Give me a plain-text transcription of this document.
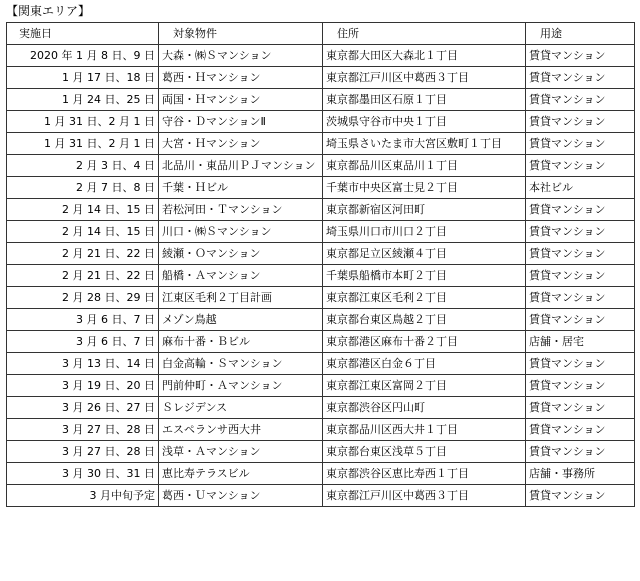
【関東エリア】
実施日	対象物件	住所	用途
2020 年 1 月 8 日、9 日	大森・㈱Ｓマンション	東京都大田区大森北１丁目	賃貸マンション
1 月 17 日、18 日	葛西・Ｈマンション	東京都江戸川区中葛西３丁目	賃貸マンション
1 月 24 日、25 日	両国・Ｈマンション	東京都墨田区石原１丁目	賃貸マンション
1 月 31 日、2 月 1 日	守谷・ＤマンションⅡ	茨城県守谷市中央１丁目	賃貸マンション
1 月 31 日、2 月 1 日	大宮・Ｈマンション	埼玉県さいたま市大宮区敷町１丁目	賃貸マンション
2 月 3 日、4 日	北品川・東品川ＰＪマンション	東京都品川区東品川１丁目	賃貸マンション
2 月 7 日、8 日	千葉・Ｈビル	千葉市中央区富士見２丁目	本社ビル
2 月 14 日、15 日	若松河田・Ｔマンション	東京都新宿区河田町	賃貸マンション
2 月 14 日、15 日	川口・㈱Ｓマンション	埼玉県川口市川口２丁目	賃貸マンション
2 月 21 日、22 日	綾瀬・Ｏマンション	東京都足立区綾瀬４丁目	賃貸マンション
2 月 21 日、22 日	船橋・Ａマンション	千葉県船橋市本町２丁目	賃貸マンション
2 月 28 日、29 日	江東区毛利２丁目計画	東京都江東区毛利２丁目	賃貸マンション
3 月 6 日、7 日	メゾン鳥越	東京都台東区鳥越２丁目	賃貸マンション
3 月 6 日、7 日	麻布十番・Ｂビル	東京都港区麻布十番２丁目	店舗・居宅
3 月 13 日、14 日	白金高輪・Ｓマンション	東京都港区白金６丁目	賃貸マンション
3 月 19 日、20 日	門前仲町・Ａマンション	東京都江東区富岡２丁目	賃貸マンション
3 月 26 日、27 日	Ｓレジデンス	東京都渋谷区円山町	賃貸マンション
3 月 27 日、28 日	エスペランサ西大井	東京都品川区西大井１丁目	賃貸マンション
3 月 27 日、28 日	浅草・Ａマンション	東京都台東区浅草５丁目	賃貸マンション
3 月 30 日、31 日	恵比寿テラスビル	東京都渋谷区恵比寿西１丁目	店舗・事務所
3 月中旬予定	葛西・Ｕマンション	東京都江戸川区中葛西３丁目	賃貸マンション
